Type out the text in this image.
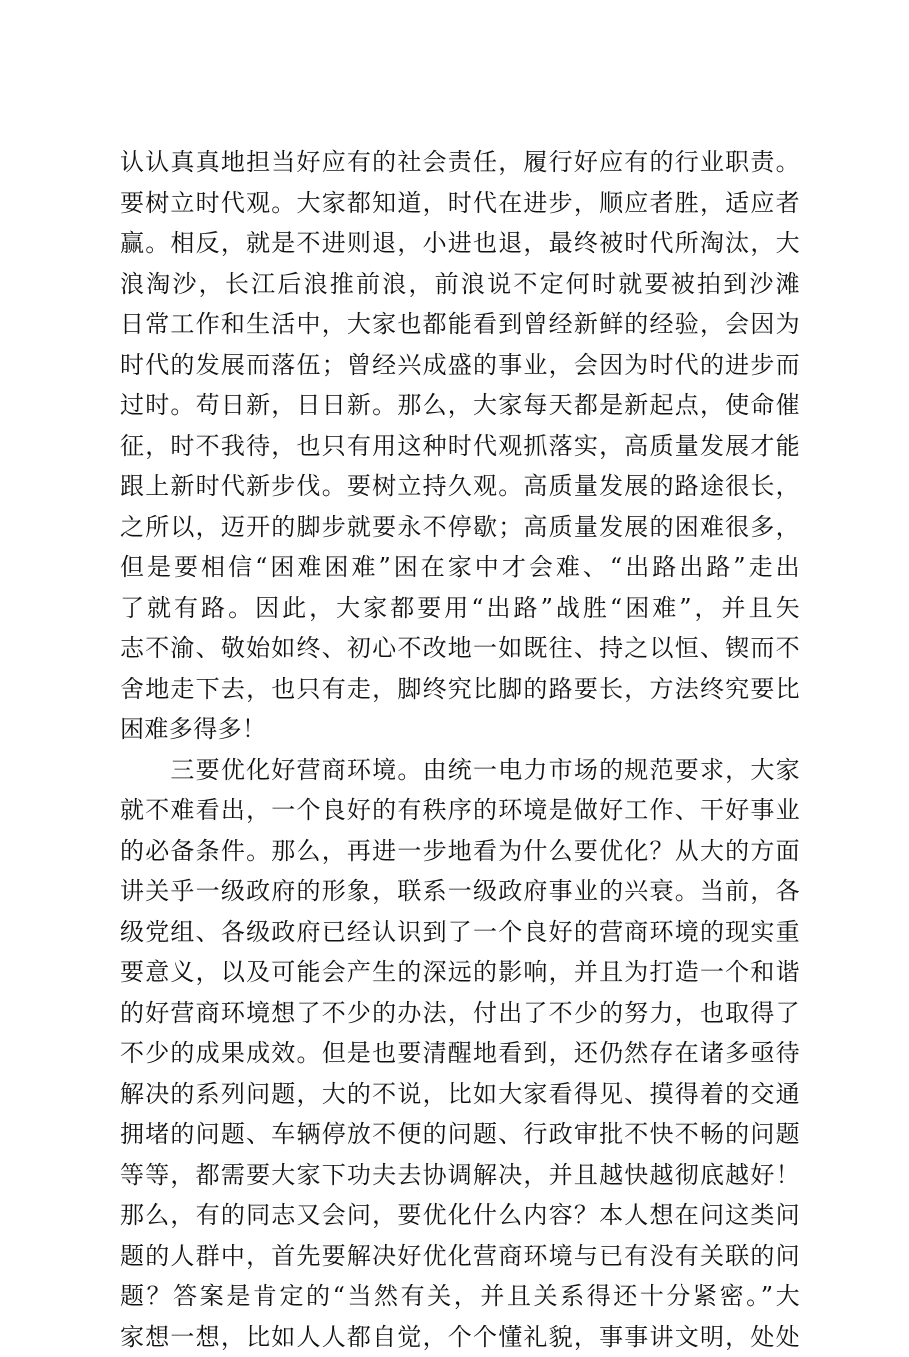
认认真真地担当好应有的社会责任，履行好应有的行业职责。
要树立时代观。大家都知道，时代在进步，顺应者胜，适应者
赢。相反，就是不进则退，小进也退，最终被时代所淘汰，大
浪淘沙，长江后浪推前浪，前浪说不定何时就要被拍到沙滩
日常工作和生活中，大家也都能看到曾经新鲜的经验，会因为
时代的发展而落伍；曾经兴成盛的事业，会因为时代的进步而
过时。苟日新，日日新。那么，大家每天都是新起点，使命催
征，时不我待，也只有用这种时代观抓落实，高质量发展才能
跟上新时代新步伐。要树立持久观。高质量发展的路途很长，
之所以，迈开的脚步就要永不停歇；高质量发展的困难很多，
但是要相信“困难困难”困在家中才会难、“出路出路”走出
了就有路。因此，大家都要用“出路”战胜“困难”，并且矢
志不渝、敬始如终、初心不改地一如既往、持之以恒、锲而不
舍地走下去，也只有走，脚终究比脚的路要长，方法终究要比
困难多得多！
　　三要优化好营商环境。由统一电力市场的规范要求，大家
就不难看出，一个良好的有秩序的环境是做好工作、干好事业
的必备条件。那么，再进一步地看为什么要优化？从大的方面
讲关乎一级政府的形象，联系一级政府事业的兴衰。当前，各
级党组、各级政府已经认识到了一个良好的营商环境的现实重
要意义，以及可能会产生的深远的影响，并且为打造一个和谐
的好营商环境想了不少的办法，付出了不少的努力，也取得了
不少的成果成效。但是也要清醒地看到，还仍然存在诸多亟待
解决的系列问题，大的不说，比如大家看得见、摸得着的交通
拥堵的问题、车辆停放不便的问题、行政审批不快不畅的问题
等等，都需要大家下功夫去协调解决，并且越快越彻底越好！
那么，有的同志又会问，要优化什么内容？本人想在问这类问
题的人群中，首先要解决好优化营商环境与已有没有关联的问
题？答案是肯定的“当然有关，并且关系得还十分紧密。”大
家想一想，比如人人都自觉，个个懂礼貌，事事讲文明，处处
